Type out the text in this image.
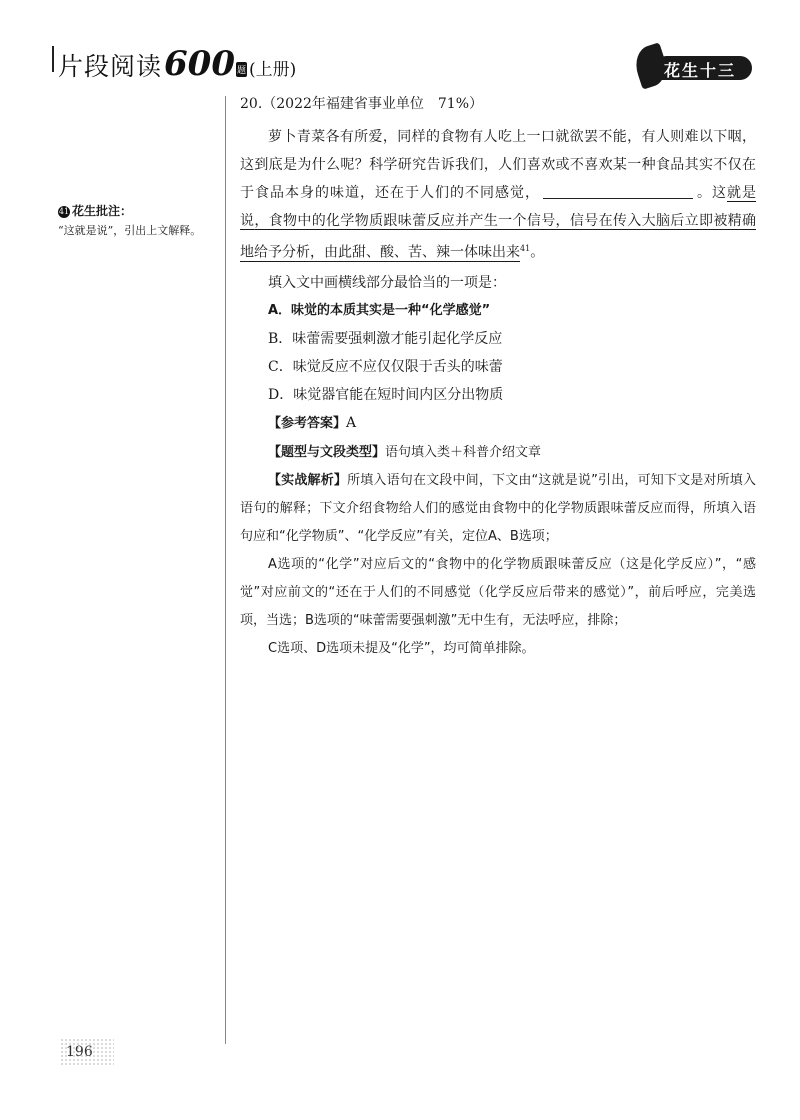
片段阅读 600 题 (上册)	花生十三
41 花生批注：
“这就是说”，引出上文解释。
20.（2022年福建省事业单位　71%）

萝卜青菜各有所爱，同样的食物有人吃上一口就欲罢不能，有人则难以下咽，这到底是为什么呢？科学研究告诉我们，人们喜欢或不喜欢某一种食品其实不仅在于食品本身的味道，还在于人们的不同感觉，	。这就是说，食物中的化学物质跟味蕾反应并产生一个信号，信号在传入大脑后立即被精确地给予分析，由此甜、酸、苦、辣一体味出来$^{41}$。

填入文中画横线部分最恰当的一项是：
A．味觉的本质其实是一种“化学感觉”
B．味蕾需要强刺激才能引起化学反应
C．味觉反应不应仅仅限于舌头的味蕾
D．味觉器官能在短时间内区分出物质
【参考答案】A
【题型与文段类型】语句填入类＋科普介绍文章

【实战解析】所填入语句在文段中间，下文由“这就是说”引出，可知下文是对所填入语句的解释；下文介绍食物给人们的感觉由食物中的化学物质跟味蕾反应而得，所填入语句应和“化学物质”、“化学反应”有关，定位A、B选项；

A选项的“化学”对应后文的“食物中的化学物质跟味蕾反应（这是化学反应）”，“感觉”对应前文的“还在于人们的不同感觉（化学反应后带来的感觉）”，前后呼应，完美选项，当选；B选项的“味蕾需要强刺激”无中生有，无法呼应，排除；

C选项、D选项未提及“化学”，均可简单排除。

196
